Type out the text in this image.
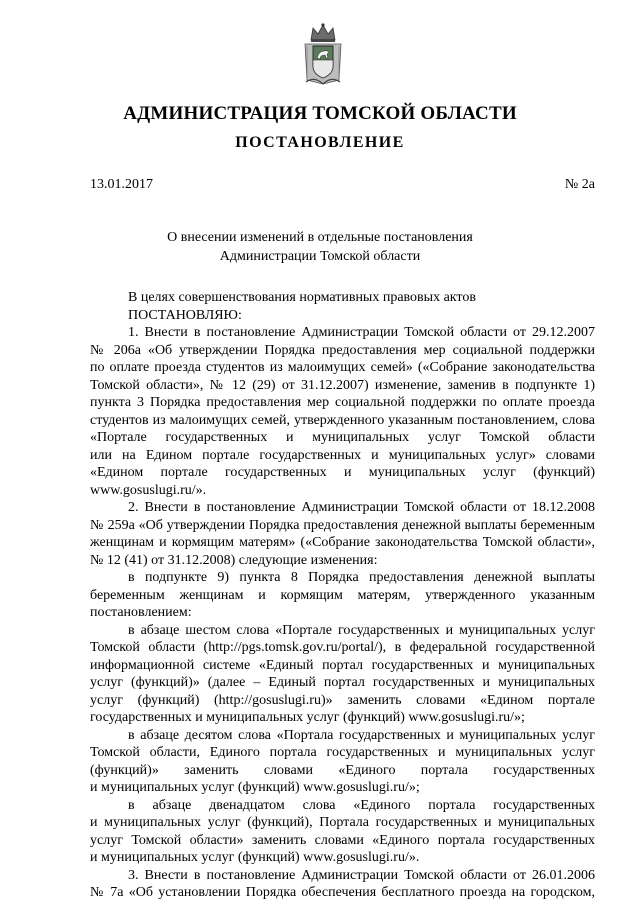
АДМИНИСТРАЦИЯ ТОМСКОЙ ОБЛАСТИ
ПОСТАНОВЛЕНИЕ
13.01.2017	№ 2а
О внесении изменений в отдельные постановления
Администрации Томской области
В целях совершенствования нормативных правовых актов
ПОСТАНОВЛЯЮ:
1. Внести в постановление Администрации Томской области от 29.12.2007
№ 206а «Об утверждении Порядка предоставления мер социальной поддержки
по оплате проезда студентов из малоимущих семей» («Собрание законодательства
Томской области», № 12 (29) от 31.12.2007) изменение, заменив в подпункте 1)
пункта 3 Порядка предоставления мер социальной поддержки по оплате проезда
студентов из малоимущих семей, утвержденного указанным постановлением, слова
«Портале государственных и муниципальных услуг Томской области
или на Едином портале государственных и муниципальных услуг» словами
«Едином портале государственных и муниципальных услуг (функций)
www.gosuslugi.ru/».
2. Внести в постановление Администрации Томской области от 18.12.2008
№ 259а «Об утверждении Порядка предоставления денежной выплаты беременным
женщинам и кормящим матерям» («Собрание законодательства Томской области»,
№ 12 (41) от 31.12.2008) следующие изменения:
в подпункте 9) пункта 8 Порядка предоставления денежной выплаты
беременным женщинам и кормящим матерям, утвержденного указанным
постановлением:
в абзаце шестом слова «Портале государственных и муниципальных услуг
Томской области (http://pgs.tomsk.gov.ru/portal/), в федеральной государственной
информационной системе «Единый портал государственных и муниципальных
услуг (функций)» (далее – Единый портал государственных и муниципальных
услуг (функций) (http://gosuslugi.ru)» заменить словами «Едином портале
государственных и муниципальных услуг (функций) www.gosuslugi.ru/»;
в абзаце десятом слова «Портала государственных и муниципальных услуг
Томской области, Единого портала государственных и муниципальных услуг
(функций)» заменить словами «Единого портала государственных
и муниципальных услуг (функций) www.gosuslugi.ru/»;
в абзаце двенадцатом слова «Единого портала государственных
и муниципальных услуг (функций), Портала государственных и муниципальных
услуг Томской области» заменить словами «Единого портала государственных
и муниципальных услуг (функций) www.gosuslugi.ru/».
3. Внести в постановление Администрации Томской области от 26.01.2006
№ 7а «Об установлении Порядка обеспечения бесплатного проезда на городском,
